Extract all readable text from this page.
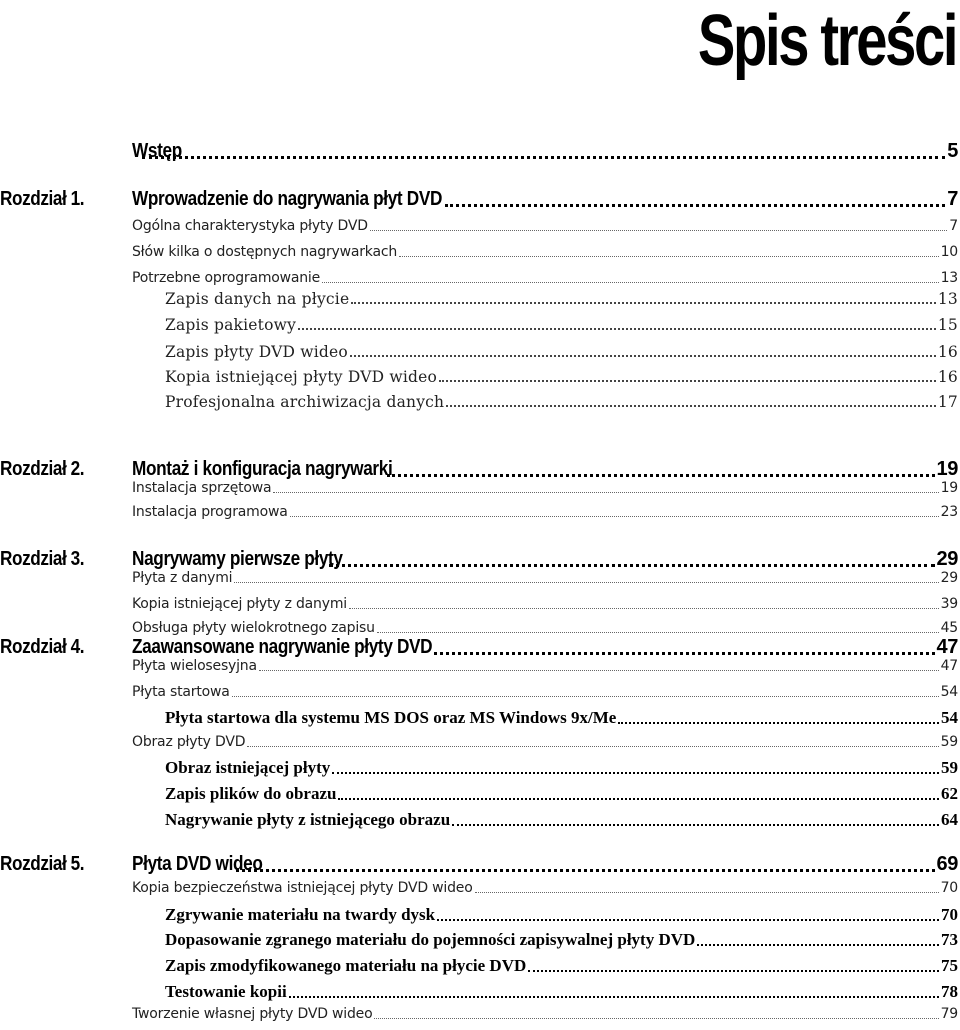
Spis treści
Wstęp	5
Rozdział 1. Wprowadzenie do nagrywania płyt DVD	7
Ogólna charakterystyka płyty DVD	7
Słów kilka o dostępnych nagrywarkach	10
Potrzebne oprogramowanie	13
Zapis danych na płycie	13
Zapis pakietowy	15
Zapis płyty DVD wideo	16
Kopia istniejącej płyty DVD wideo	16
Profesjonalna archiwizacja danych	17
Rozdział 2. Montaż i konfiguracja nagrywarki	19
Instalacja sprzętowa	19
Instalacja programowa	23
Rozdział 3. Nagrywamy pierwsze płyty	29
Płyta z danymi	29
Kopia istniejącej płyty z danymi	39
Obsługa płyty wielokrotnego zapisu	45
Rozdział 4. Zaawansowane nagrywanie płyty DVD	47
Płyta wielosesyjna	47
Płyta startowa	54
Płyta startowa dla systemu MS DOS oraz MS Windows 9x/Me	54
Obraz płyty DVD	59
Obraz istniejącej płyty	59
Zapis plików do obrazu	62
Nagrywanie płyty z istniejącego obrazu	64
Rozdział 5. Płyta DVD wideo	69
Kopia bezpieczeństwa istniejącej płyty DVD wideo	70
Zgrywanie materiału na twardy dysk	70
Dopasowanie zgranego materiału do pojemności zapisywalnej płyty DVD	73
Zapis zmodyfikowanego materiału na płycie DVD	75
Testowanie kopii	78
Tworzenie własnej płyty DVD wideo	79
